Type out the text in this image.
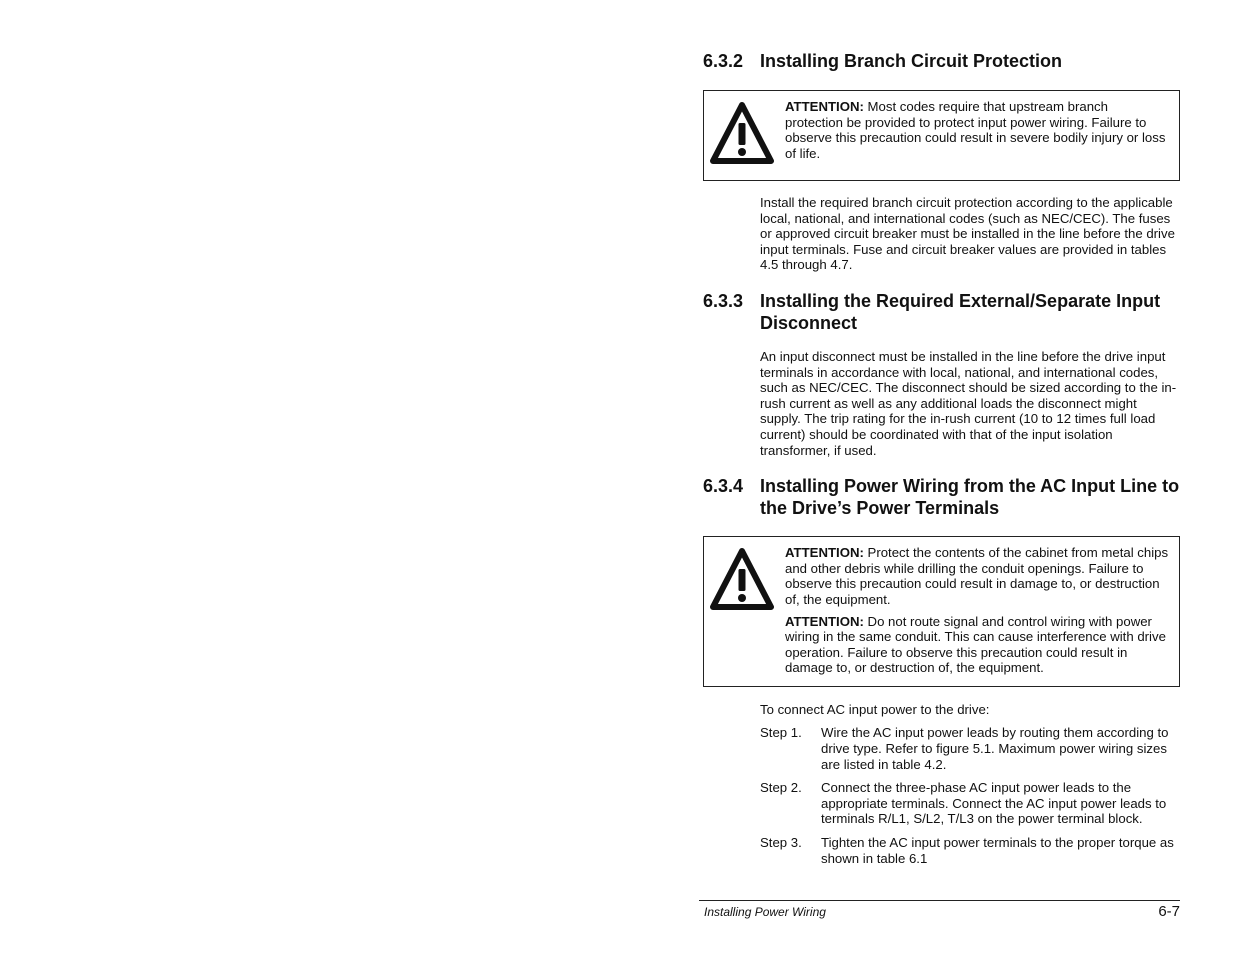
6.3.2 Installing Branch Circuit Protection

ATTENTION: Most codes require that upstream branch protection be provided to protect input power wiring. Failure to observe this precaution could result in severe bodily injury or loss of life.

Install the required branch circuit protection according to the applicable local, national, and international codes (such as NEC/CEC). The fuses or approved circuit breaker must be installed in the line before the drive input terminals. Fuse and circuit breaker values are provided in tables 4.5 through 4.7.
6.3.3 Installing the Required External/Separate Input Disconnect
An input disconnect must be installed in the line before the drive input terminals in accordance with local, national, and international codes, such as NEC/CEC. The disconnect should be sized according to the in-rush current as well as any additional loads the disconnect might supply. The trip rating for the in-rush current (10 to 12 times full load current) should be coordinated with that of the input isolation transformer, if used.
6.3.4 Installing Power Wiring from the AC Input Line to the Drive’s Power Terminals

ATTENTION: Protect the contents of the cabinet from metal chips and other debris while drilling the conduit openings. Failure to observe this precaution could result in damage to, or destruction of, the equipment.

ATTENTION: Do not route signal and control wiring with power wiring in the same conduit. This can cause interference with drive operation. Failure to observe this precaution could result in damage to, or destruction of, the equipment.

To connect AC input power to the drive:
Step 1.	Wire the AC input power leads by routing them according to drive type. Refer to figure 5.1. Maximum power wiring sizes are listed in table 4.2.
Step 2.	Connect the three-phase AC input power leads to the appropriate terminals. Connect the AC input power leads to terminals R/L1, S/L2, T/L3 on the power terminal block.
Step 3.	Tighten the AC input power terminals to the proper torque as shown in table 6.1
Installing Power Wiring	6-7
